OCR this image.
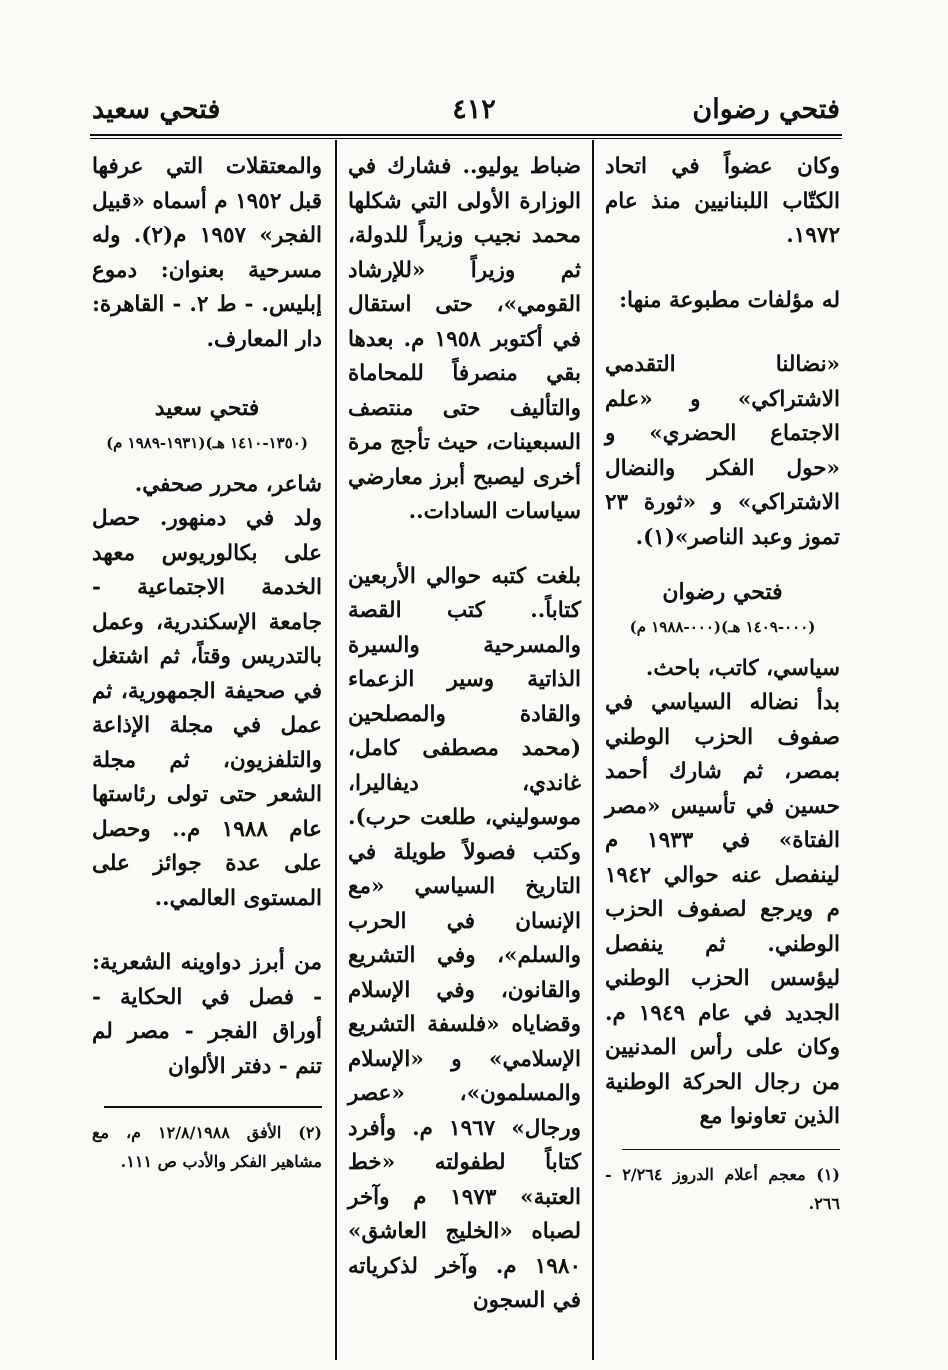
فتحي رضوان
٤١٢
فتحي سعيد

وكان عضواً في اتحاد الكتّاب اللبنانيين منذ عام ١٩٧٢.

له مؤلفات مطبوعة منها:

«نضالنا التقدمي الاشتراكي» و «علم الاجتماع الحضري» و «حول الفكر والنضال الاشتراكي» و «ثورة ٢٣ تموز وعبد الناصر»(١).

فتحي رضوان
(٠٠٠-١٤٠٩ هـ)(٠٠٠-١٩٨٨ م)

سياسي، كاتب، باحث.

بدأ نضاله السياسي في صفوف الحزب الوطني بمصر، ثم شارك أحمد حسين في تأسيس «مصر الفتاة» في ١٩٣٣ م لينفصل عنه حوالي ١٩٤٢ م ويرجع لصفوف الحزب الوطني. ثم ينفصل ليؤسس الحزب الوطني الجديد في عام ١٩٤٩ م. وكان على رأس المدنيين من رجال الحركة الوطنية الذين تعاونوا مع

(١) معجم أعلام الدروز ٢/٢٦٤ - ٢٦٦.

ضباط يوليو.. فشارك في الوزارة الأولى التي شكلها محمد نجيب وزيراً للدولة، ثم وزيراً «للإرشاد القومي»، حتى استقال في أكتوبر ١٩٥٨ م. بعدها بقي منصرفاً للمحاماة والتأليف حتى منتصف السبعينات، حيث تأجج مرة أخرى ليصبح أبرز معارضي سياسات السادات..

بلغت كتبه حوالي الأربعين كتاباً.. كتب القصة والمسرحية والسيرة الذاتية وسير الزعماء والقادة والمصلحين (محمد مصطفى كامل، غاندي، ديفاليرا، موسوليني، طلعت حرب). وكتب فصولاً طويلة في التاريخ السياسي «مع الإنسان في الحرب والسلم»، وفي التشريع والقانون، وفي الإسلام وقضاياه «فلسفة التشريع الإسلامي» و «الإسلام والمسلمون»، «عصر ورجال» ١٩٦٧ م. وأفرد كتاباً لطفولته «خط العتبة» ١٩٧٣ م وآخر لصباه «الخليج العاشق» ١٩٨٠ م. وآخر لذكرياته في السجون

والمعتقلات التي عرفها قبل ١٩٥٢ م أسماه «قبيل الفجر» ١٩٥٧ م(٢). وله مسرحية بعنوان: دموع إبليس. - ط ٢. - القاهرة: دار المعارف.

فتحي سعيد
(١٣٥٠-١٤١٠ هـ)(١٩٣١-١٩٨٩ م)

شاعر، محرر صحفي.

ولد في دمنهور. حصل على بكالوريوس معهد الخدمة الاجتماعية - جامعة الإسكندرية، وعمل بالتدريس وقتاً، ثم اشتغل في صحيفة الجمهورية، ثم عمل في مجلة الإذاعة والتلفزيون، ثم مجلة الشعر حتى تولى رئاستها عام ١٩٨٨ م.. وحصل على عدة جوائز على المستوى العالمي..

من أبرز دواوينه الشعرية: - فصل في الحكاية - أوراق الفجر - مصر لم تنم - دفتر الألوان

(٢) الأفق ١٢/٨/١٩٨٨ م، مع مشاهير الفكر والأدب ص ١١١.
